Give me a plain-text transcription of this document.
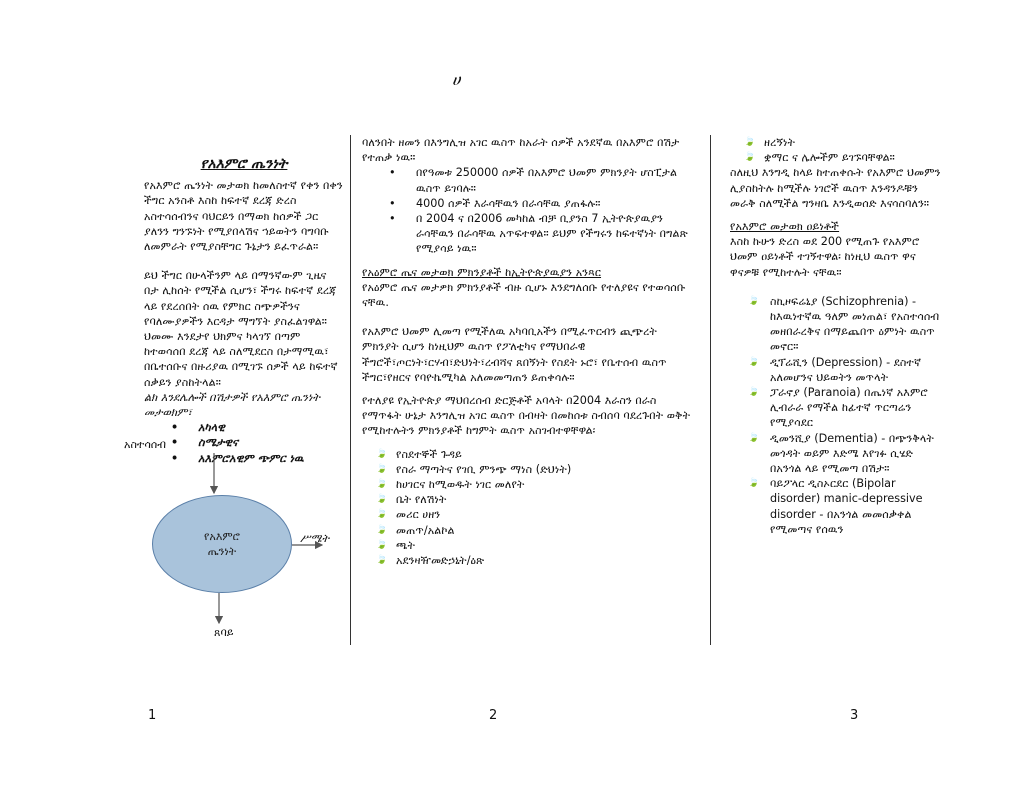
ሀ
የአእምሮ ጤንነት

የአእምሮ ጤንነት መታወክ ከመለስተኛ የቀን በቀን ችግር አንስቶ እስከ ከፍተኛ ደረጃ ድረስ አስተሳሰብንና ባህርይን በማወክ ከሰዎች ጋር ያለንን ግንኙነት የሚያበላሽና ኀይወትን ባግባቡ ለመምራት የሚያስቸግር ጉኔታን ይፈጥራል።

ይህ ችግር በሁላችንም ላይ በማንኛውም ጊዜና በታ ሊከሰት የሚችል ሲሆን፣ ችግሩ ከፍተኛ ደረጃ ላይ የደረሰበት ሰዉ የምክር ስጭዎችንና የባለሙያዎችን እርዳታ ማግኘት ያስፈልገዋል። ህመሙ እንደታየ ህክምና ካላገኘ በጣም ከተወሳሰበ ደረጃ ላይ ስለሚደርስ በታማሚዉ፣ በቤተሰቡና በዙሪያዉ በሚገኙ ሰዎች ላይ ከፍተኛ ሰቃይን ያስከትላል።

ልክ እንደሌሎች በሽታዎች የአእምሮ ጤንነት መታወክም፣

• አካላዊ
• ስሜታዊና
• አእምሮአዊም ጭምር ነዉ
አስተሳሰብ
የአእምሮ
ጤንነት
ሥሜት
ጸባይ

ባለንበት ዘመን በእንግሊዝ አገር ዉስጥ ከአራት ሰዎች አንደኛዉ በአእምሮ በሽታ የተጠቃ ነዉ።

• በየዓመቱ 250000 ሰዎች በአእምሮ ህመም ምክንያት ሆስፒታል ዉስጥ ይገባሉ።
• 4000 ሰዎች እራሳቸዉን በራሳቸዉ ያጠፋሉ።
• በ 2004 ና በ2006 መካከል ብቻ ቢያንስ 7 ኢትዮጵያዉያን ራሳቸዉን በራሳቸዉ አጥፍተዋል። ይህም የችግሩን ከፍተኛነት በግልጽ የሚያሳይ ነዉ።

የአዕምሮ ጤና መታወክ ምክንያቶች ከኢትዮጵያዉያን አንጻር

የአዕምሮ ጤና መታዎክ ምክንያቶች ብዙ ሲሆኑ እንደግለሰቡ የተለያዩና የተወሳሰቡ ናቸዉ.

የአእምሮ ህመም ሊመጣ የሚችለዉ አካባቢአችን በሚፈጥርብን ጪጭረት ምክንያት ሲሆን ከነዚህም ዉስጥ የፖለቲካና የማህበራዊ ችግሮች፣ጦርነት፣ርሃብ፣ድህነት፣ረብሻና ጸበኝነት የስደት ኑሮ፣ የቤተሰብ ዉስጥ ችግር፣የዘርና የባዮኬሚካል አለመመጣጠን ይጠቀሳሉ።

የተለያዩ የኢትዮጵያ ማህበረሰብ ድርጅቶች አባላት በ2004 እራስን በራስ የማጥፋት ሁኔታ እንግሊዝ አገር ዉስጥ በብዛት በመከሰቱ ስብሰባ ባደረጉበት ወቅት የሚከተሉትን ምክንያቶች ከግምት ዉስጥ አስገብተዋቸዋል፡

🍃 የስደተኞች ጉዳይ
🍃 የስራ ማጣትና የገቢ ምንጭ ማነስ (ድህነት)
🍃 ከሀገርና ከሚወዱት ነገር መለየት
🍃 ቤት የለሽነት
🍃 መሪር ሀዘን
🍃 መጠጥ/አልኮል
🍃 ጫት
🍃 አደንዛዥመድኃኒት/ዕጽ
🍃 ዘረኝነት
🍃 ቋማር ና ሌሎችም ይገኙባቸዋል።

ስለዚህ እንግዲ ከላይ ከተጠቀሱት የአእምሮ ህመምን ሊያስከትሉ ከሚችሉ ነገሮች ዉስጥ እንዳንዶቹን መራቅ ስለሚችል ግንዛቤ እንዲወሰድ እናሳስባለን።

የአእምሮ መታወክ ዐይነቶች

እስከ ኩሁን ድረስ ወደ 200 የሚጠጉ የአእምሮ ህመም ዐይነቶች ተገኝተዋል፡ ከነዚህ ዉስጥ ዋና ዋናዎቹ የሚከተሉት ናቸዉ።

🍃 ስኪዞፍሬኒያ (Schizophrenia) - ከእዉነተኛዉ ዓለም መነጠል፣ የአስተሳሰብ መዘበራረቅና በማይጨበጥ ዕምነት ዉስጥ መኖር።
🍃 ዲፕሬሺን (Depression) - ደስተኛ አለመሆንና ህይወትን መጥላት
🍃 ፓራኖያ (Paranoia) በጤነኛ አእምሮ ሊብራራ የማችል ከፊተኛ ጥርጣሬን የሚያሳደር
🍃 ዲመንሺያ (Dementia) - በጭንቅላት መጎዳት ወይም እድሜ እየገፉ ሲሄድ በአንጎል ላይ የሚመጣ በሽታ።
🍃 ባይፖላር ዲስኦርደር (Bipolar disorder) manic-depressive disorder - በአንጎል መመሰቃቀል የሚመጣና የሰዉን
1	2	3
